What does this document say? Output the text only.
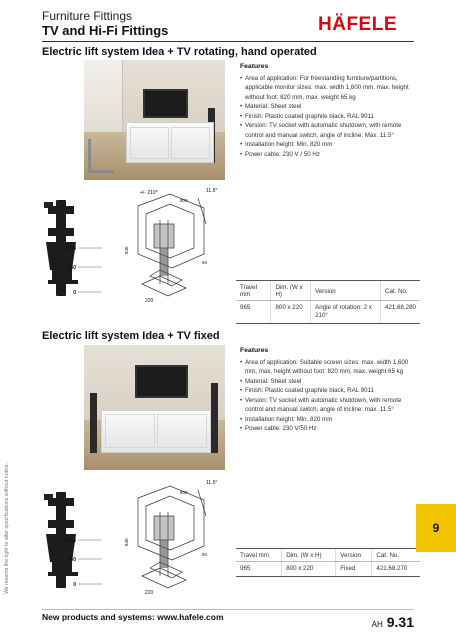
Furniture Fittings
TV and Hi-Fi Fittings	HÄFELE
Electric lift system Idea + TV rotating, hand operated
Features
• Area of application: For freestanding furniture/partitions, applicable monitor sizes: max. width 1,600 mm, max. height without foot: 820 mm, max. weight 65 kg
• Material: Sheet steel
• Finish: Plastic coated graphite black, RAL 9011
• Version: TV socket with automatic shutdown, with remote control and manual switch, angle of incline: Max. 11.5°
• Installation height: Min. 820 mm
• Power cable: 230 V / 50 Hz
1729
760
0
+/- 210°	11.5°
800
94
840
220
Travel mm	Dim. (W x H)	Version	Cat. No.
965	800 x 220	Angle of rotation: 2 x 210°	421.68.280
Electric lift system Idea + TV fixed
Features
• Area of application: Suitable screen sizes: max. width 1,600 mm, max. height without foot: 820 mm, max. weight 65 kg
• Material: Sheet steel
• Finish: Plastic coated graphite black, RAL 9011
• Version: TV socket with automatic shutdown, with remote control and manual switch, angle of incline: max. 11.5°
• Installation height: Min. 820 mm
• Power cable: 230 V/50 Hz
1725
760
0
11.5°
800
94
840
220
Travel mm	Dim. (W x H)	Version	Cat. No.
965	800 x 220	Fixed	421.68.270
We reserve the right to alter specifications without notice.	9
New products and systems: www.hafele.com
AH 9.31
